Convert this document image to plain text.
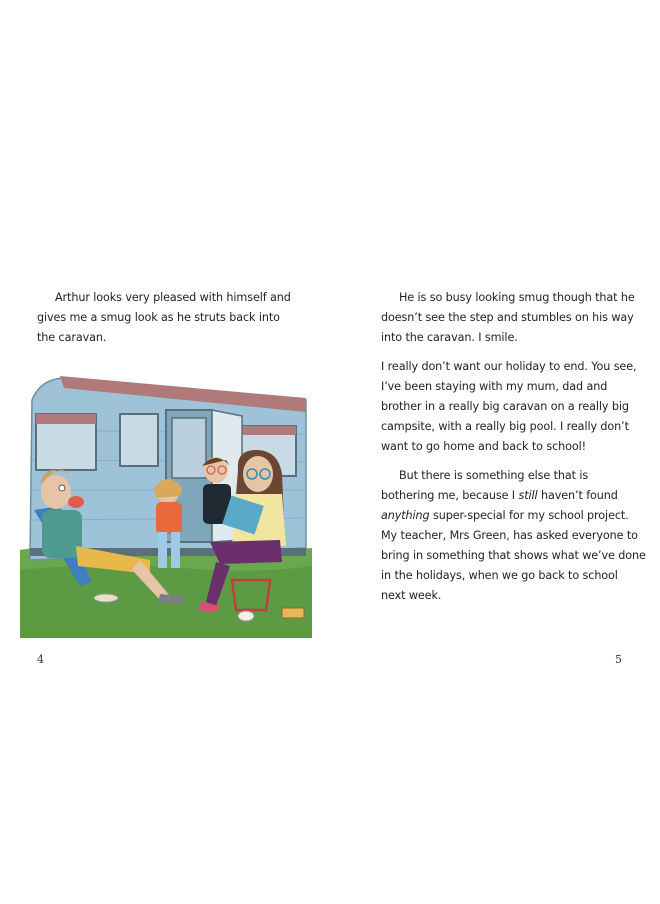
Arthur looks very pleased with himself and
gives me a smug look as he struts back into
the caravan.

4

He is so busy looking smug though that he
doesn’t see the step and stumbles on his way
into the caravan. I smile.

I really don’t want our holiday to end. You see,
I’ve been staying with my mum, dad and
brother in a really big caravan on a really big
campsite, with a really big pool. I really don’t
want to go home and back to school!

But there is something else that is
bothering me, because I still haven’t found
anything super-special for my school project.
My teacher, Mrs Green, has asked everyone to
bring in something that shows what we’ve done
in the holidays, when we go back to school
next week.

5
